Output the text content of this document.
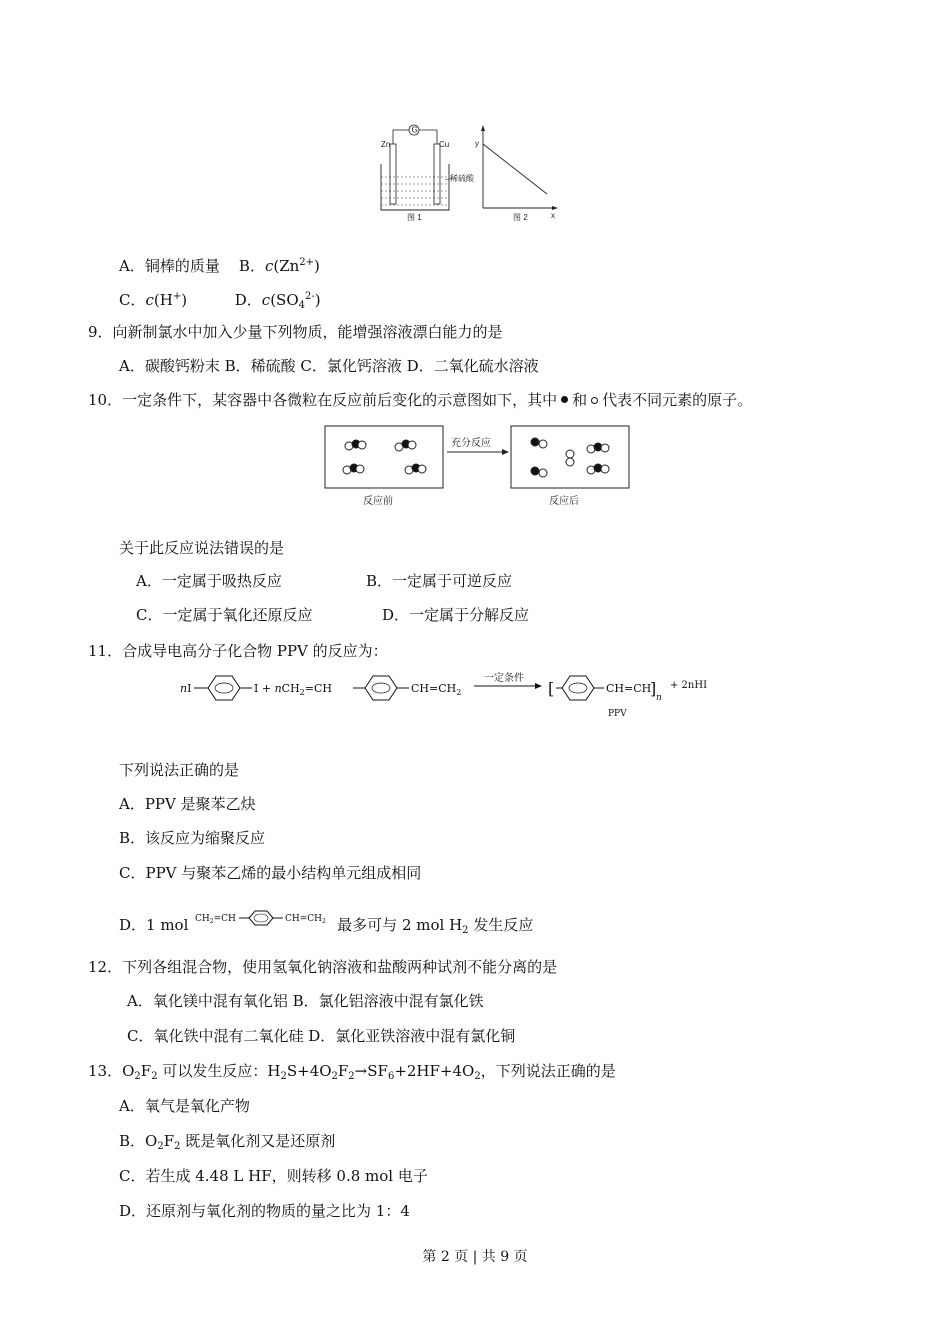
G
Zn	Cu
稀硫酸
图 1
y
x
图 2
A．铜棒的质量 B．$c(Zn^{2+})$
C．c(H+)          D．$c(SO_4^{2-})$
9．向新制氯水中加入少量下列物质，能增强溶液漂白能力的是
A．碳酸钙粉末 B．稀硫酸 C．氯化钙溶液 D．二氧化硫水溶液
10．一定条件下，某容器中各微粒在反应前后变化的示意图如下，其中 和 代表不同元素的原子。
充分反应
反应前	反应后
关于此反应说法错误的是
A．一定属于吸热反应	B．一定属于可逆反应
C．一定属于氧化还原反应	D．一定属于分解反应
11．合成导电高分子化合物 PPV 的反应为：
nI	I + nCH$_2$=CH	$CH=CH_2$
一定条件
[	CH=CH
] n
PPV
+ 2nHI
下列说法正确的是
A．PPV 是聚苯乙炔
B．该反应为缩聚反应
C．PPV 与聚苯乙烯的最小结构单元组成相同
D．1 mol $CH_2=CH$	$CH=CH_2$ 最多可与 2 mol $H_2$ 发生反应
12．下列各组混合物，使用氢氧化钠溶液和盐酸两种试剂不能分离的是
A．氧化镁中混有氧化铝 B．氯化铝溶液中混有氯化铁
C．氧化铁中混有二氧化硅 D．氯化亚铁溶液中混有氯化铜
13．$O_2F_2$ 可以发生反应：$H_2S+4O_2F_2\to SF_6+2HF+4O_2$，下列说法正确的是
A．氧气是氧化产物
B．$O_2F_2$ 既是氧化剂又是还原剂
C．若生成 4.48 L HF，则转移 0.8 mol 电子
D．还原剂与氧化剂的物质的量之比为 1：4
第 2 页 | 共 9 页
